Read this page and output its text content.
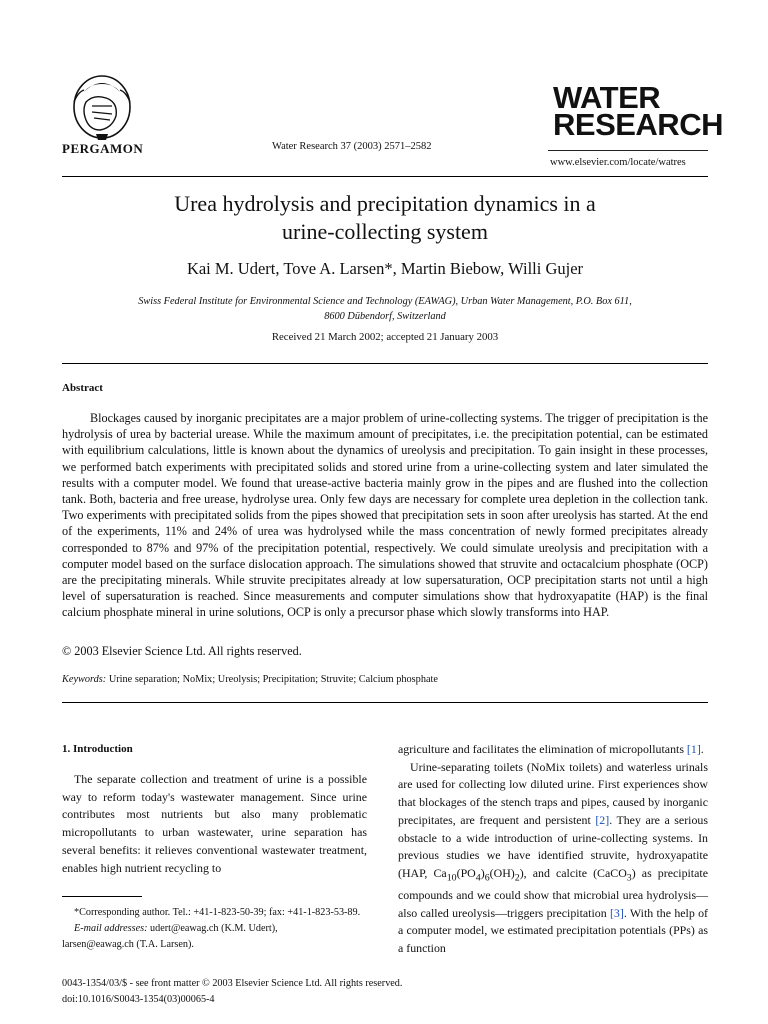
PERGAMON	Water Research 37 (2003) 2571–2582
WATER
RESEARCH
www.elsevier.com/locate/watres
Urea hydrolysis and precipitation dynamics in a
urine-collecting system
Kai M. Udert, Tove A. Larsen*, Martin Biebow, Willi Gujer
Swiss Federal Institute for Environmental Science and Technology (EAWAG), Urban Water Management, P.O. Box 611,
8600 Dübendorf, Switzerland
Received 21 March 2002; accepted 21 January 2003
Abstract
Blockages caused by inorganic precipitates are a major problem of urine-collecting systems. The trigger of precipitation is the hydrolysis of urea by bacterial urease. While the maximum amount of precipitates, i.e. the precipitation potential, can be estimated with equilibrium calculations, little is known about the dynamics of ureolysis and precipitation. To gain insight in these processes, we performed batch experiments with precipitated solids and stored urine from a urine-collecting system and later simulated the results with a computer model. We found that urease-active bacteria mainly grow in the pipes and are flushed into the collection tank. Both, bacteria and free urease, hydrolyse urea. Only few days are necessary for complete urea depletion in the collection tank. Two experiments with precipitated solids from the pipes showed that precipitation sets in soon after ureolysis has started. At the end of the experiments, 11% and 24% of urea was hydrolysed while the mass concentration of newly formed precipitates already corresponded to 87% and 97% of the precipitation potential, respectively. We could simulate ureolysis and precipitation with a computer model based on the surface dislocation approach. The simulations showed that struvite and octacalcium phosphate (OCP) are the precipitating minerals. While struvite precipitates already at low supersaturation, OCP precipitation starts not until a high level of supersaturation is reached. Since measurements and computer simulations show that hydroxyapatite (HAP) is the final calcium phosphate mineral in urine solutions, OCP is only a precursor phase which slowly transforms into HAP.
© 2003 Elsevier Science Ltd. All rights reserved.
Keywords: Urine separation; NoMix; Ureolysis; Precipitation; Struvite; Calcium phosphate
1. Introduction
The separate collection and treatment of urine is a possible way to reform today's wastewater management. Since urine contributes most nutrients but also many problematic micropollutants to urban wastewater, urine separation has several benefits: it relieves conventional wastewater treatment, enables high nutrient recycling to
*Corresponding author. Tel.: +41-1-823-50-39; fax: +41-1-823-53-89.
E-mail addresses: udert@eawag.ch (K.M. Udert),
larsen@eawag.ch (T.A. Larsen).

agriculture and facilitates the elimination of micropollutants [1].

Urine-separating toilets (NoMix toilets) and waterless urinals are used for collecting low diluted urine. First experiences show that blockages of the stench traps and pipes, caused by inorganic precipitates, are frequent and persistent [2]. They are a serious obstacle to a wide introduction of urine-collecting systems. In previous studies we have identified struvite, hydroxyapatite (HAP, $Ca_{10}(PO_4)_6(OH)_2$), and calcite (CaCO$_3$) as precipitate compounds and we could show that microbial urea hydrolysis—also called ureolysis—triggers precipitation [3]. With the help of a computer model, we estimated precipitation potentials (PPs) as a function

0043-1354/03/$ - see front matter © 2003 Elsevier Science Ltd. All rights reserved.
doi:10.1016/S0043-1354(03)00065-4
